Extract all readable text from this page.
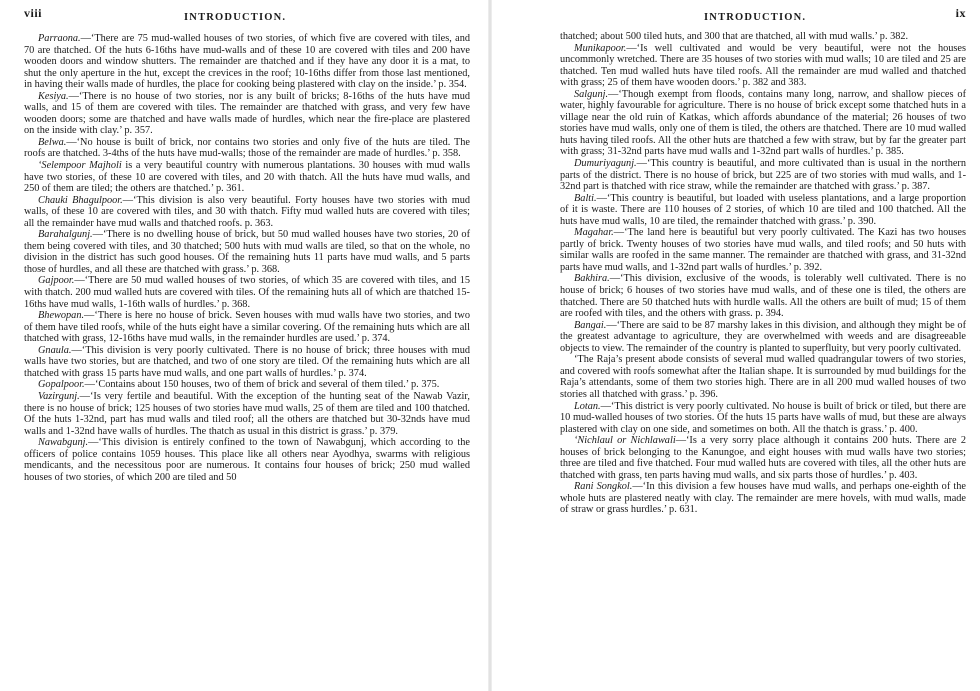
viii	INTRODUCTION.

Parraona.—‘There are 75 mud-walled houses of two stories, of which five are covered with tiles, and 70 are thatched. Of the huts 6-16ths have mud-walls and of these 10 are covered with tiles and 200 have wooden doors and window shutters. The remainder are thatched and if they have any door it is a mat, to shut the only aperture in the hut, except the crevices in the roof; 10-16ths differ from those last mentioned, in having their walls made of hurdles, the place for cooking being plastered with clay on the inside.’ p. 354.

Kesiya.—‘There is no house of two stories, nor is any built of bricks; 8-16ths of the huts have mud walls, and 15 of them are covered with tiles. The remainder are thatched with grass, and very few have wooden doors; some are thatched and have walls made of hurdles, which near the fire-place are plastered on the inside with clay.’ p. 357.

Belwa.—‘No house is built of brick, nor contains two stories and only five of the huts are tiled. The roofs are thatched. 3-4ths of the huts have mud-walls; those of the remainder are made of hurdles.’ p. 358.

‘Selempoor Majholi is a very beautiful country with numerous plantations. 30 houses with mud walls have two stories, of these 10 are covered with tiles, and 20 with thatch. All the huts have mud walls, and 250 of them are tiled; the others are thatched.’ p. 361.

Chauki Bhagulpoor.—‘This division is also very beautiful. Forty houses have two stories with mud walls, of these 10 are covered with tiles, and 30 with thatch. Fifty mud walled huts are covered with tiles; all the remainder have mud walls and thatched roofs. p. 363.

Barahalgunj.—‘There is no dwelling house of brick, but 50 mud walled houses have two stories, 20 of them being covered with tiles, and 30 thatched; 500 huts with mud walls are tiled, so that on the whole, no division in the district has such good houses. Of the remaining huts 11 parts have mud walls, and 5 parts those of hurdles, and all these are thatched with grass.’ p. 368.

Gajpoor.—‘There are 50 mud walled houses of two stories, of which 35 are covered with tiles, and 15 with thatch. 200 mud walled huts are covered with tiles. Of the remaining huts all of which are thatched 15-16ths have mud walls, 1-16th walls of hurdles.’ p. 368.

Bhewopan.—‘There is here no house of brick. Seven houses with mud walls have two stories, and two of them have tiled roofs, while of the huts eight have a similar covering. Of the remaining huts which are all thatched with grass, 12-16ths have mud walls, in the remainder hurdles are used.’ p. 374.

Gnaula.—‘This division is very poorly cultivated. There is no house of brick; three houses with mud walls have two stories, but are thatched, and two of one story are tiled. Of the remaining huts which are all thatched with grass 15 parts have mud walls, and one part walls of hurdles.’ p. 374.

Gopalpoor.—‘Contains about 150 houses, two of them of brick and several of them tiled.’ p. 375.

Vazirgunj.—‘Is very fertile and beautiful. With the exception of the hunting seat of the Nawab Vazir, there is no house of brick; 125 houses of two stories have mud walls, 25 of them are tiled and 100 thatched. Of the huts 1-32nd, part has mud walls and tiled roof; all the others are thatched but 30-32nds have mud walls and 1-32nd have walls of hurdles. The thatch as usual in this district is grass.’ p. 379.

Nawabgunj.—‘This division is entirely confined to the town of Nawabgunj, which according to the officers of police contains 1059 houses. This place like all others near Ayodhya, swarms with religious mendicants, and the necessitous poor are numerous. It contains four houses of brick; 250 mud walled houses of two stories, of which 200 are tiled and 50

INTRODUCTION.	ix

thatched; about 500 tiled huts, and 300 that are thatched, all with mud walls.’ p. 382.

Munikapoor.—‘Is well cultivated and would be very beautiful, were not the houses uncommonly wretched. There are 35 houses of two stories with mud walls; 10 are tiled and 25 are thatched. Ten mud walled huts have tiled roofs. All the remainder are mud walled and thatched with grass; 25 of them have wooden doors.’ p. 382 and 383.

Salgunj.—‘Though exempt from floods, contains many long, narrow, and shallow pieces of water, highly favourable for agriculture. There is no house of brick except some thatched huts in a village near the old ruin of Katkas, which affords abundance of the material; 26 houses of two stories have mud walls, only one of them is tiled, the others are thatched. There are 10 mud walled huts having tiled roofs. All the other huts are thatched a few with straw, but by far the greater part with grass; 31-32nd parts have mud walls and 1-32nd part walls of hurdles.’ p. 385.

Dumuriyagunj.—‘This country is beautiful, and more cultivated than is usual in the northern parts of the district. There is no house of brick, but 225 are of two stories with mud walls, and 1-32nd part is thatched with rice straw, while the remainder are thatched with grass.’ p. 387.

Balti.—‘This country is beautiful, but loaded with useless plantations, and a large proportion of it is waste. There are 110 houses of 2 stories, of which 10 are tiled and 100 thatched. All the huts have mud walls, 10 are tiled, the remainder thatched with grass.’ p. 390.

Magahar.—‘The land here is beautiful but very poorly cultivated. The Kazi has two houses partly of brick. Twenty houses of two stories have mud walls, and tiled roofs; and 50 huts with similar walls are roofed in the same manner. The remainder are thatched with grass, and 31-32nd parts have mud walls, and 1-32nd part walls of hurdles.’ p. 392.

Bakhira.—‘This division, exclusive of the woods, is tolerably well cultivated. There is no house of brick; 6 houses of two stories have mud walls, and of these one is tiled, the others are thatched. There are 50 thatched huts with hurdle walls. All the others are built of mud; 15 of them are roofed with tiles, and the others with grass. p. 394.

Bangai.—‘There are said to be 87 marshy lakes in this division, and although they might be of the greatest advantage to agriculture, they are overwhelmed with weeds and are disagreeable objects to view. The remainder of the country is planted to superfluity, but very poorly cultivated.

‘The Raja’s present abode consists of several mud walled quadrangular towers of two stories, and covered with roofs somewhat after the Italian shape. It is surrounded by mud buildings for the Raja’s attendants, some of them two stories high. There are in all 200 mud walled houses of two stories all thatched with grass.’ p. 396.

Lotan.—‘This district is very poorly cultivated. No house is built of brick or tiled, but there are 10 mud-walled houses of two stories. Of the huts 15 parts have walls of mud, but these are always plastered with clay on one side, and sometimes on both. All the thatch is grass.’ p. 400.

‘Nichlaul or Nichlawali—‘Is a very sorry place although it contains 200 huts. There are 2 houses of brick belonging to the Kanungoe, and eight houses with mud walls have two stories; three are tiled and five thatched. Four mud walled huts are covered with tiles, all the other huts are thatched with grass, ten parts having mud walls, and six parts those of hurdles.’ p. 403.

Rani Songkol.—‘In this division a few houses have mud walls, and perhaps one-eighth of the whole huts are plastered neatly with clay. The remainder are mere hovels, with mud walls, made of straw or grass hurdles.’ p. 631.
